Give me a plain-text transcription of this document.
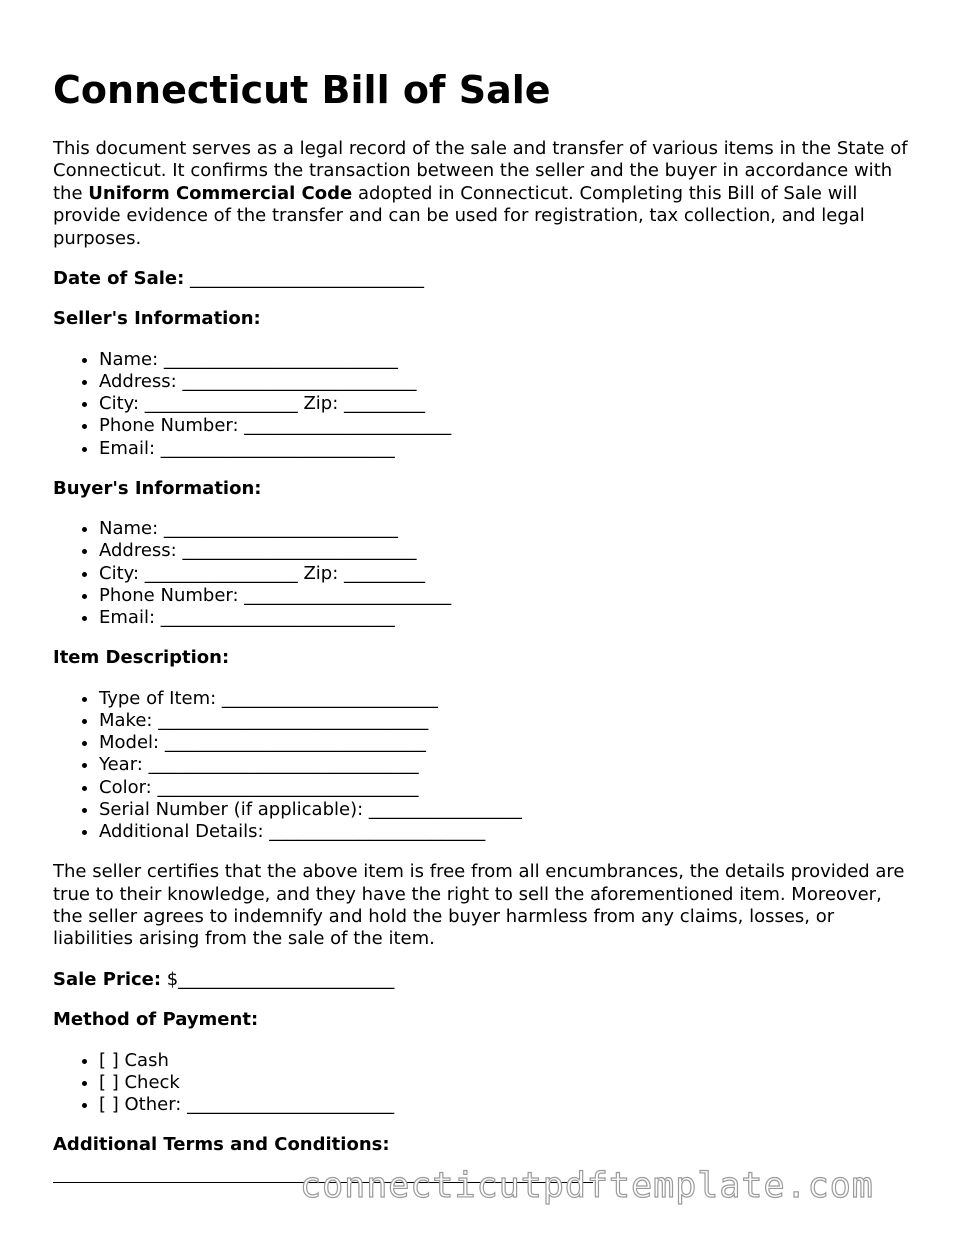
Connecticut Bill of Sale

This document serves as a legal record of the sale and transfer of various items in the State of Connecticut. It confirms the transaction between the seller and the buyer in accordance with the Uniform Commercial Code adopted in Connecticut. Completing this Bill of Sale will provide evidence of the transfer and can be used for registration, tax collection, and legal purposes.

Date of Sale: __________________________
Seller's Information:
• Name: __________________________
• Address: __________________________
• City: _________________ Zip: _________
• Phone Number: _______________________
• Email: __________________________
Buyer's Information:
• Name: __________________________
• Address: __________________________
• City: _________________ Zip: _________
• Phone Number: _______________________
• Email: __________________________
Item Description:
• Type of Item: ________________________
• Make: ______________________________
• Model: _____________________________
• Year: ______________________________
• Color: _____________________________
• Serial Number (if applicable): _________________
• Additional Details: ________________________

The seller certifies that the above item is free from all encumbrances, the details provided are true to their knowledge, and they have the right to sell the aforementioned item. Moreover, the seller agrees to indemnify and hold the buyer harmless from any claims, losses, or liabilities arising from the sale of the item.

Sale Price: $________________________
Method of Payment:
• [ ] Cash
• [ ] Check
• [ ] Other: _______________________
Additional Terms and Conditions:
connecticutpdftemplate.com
